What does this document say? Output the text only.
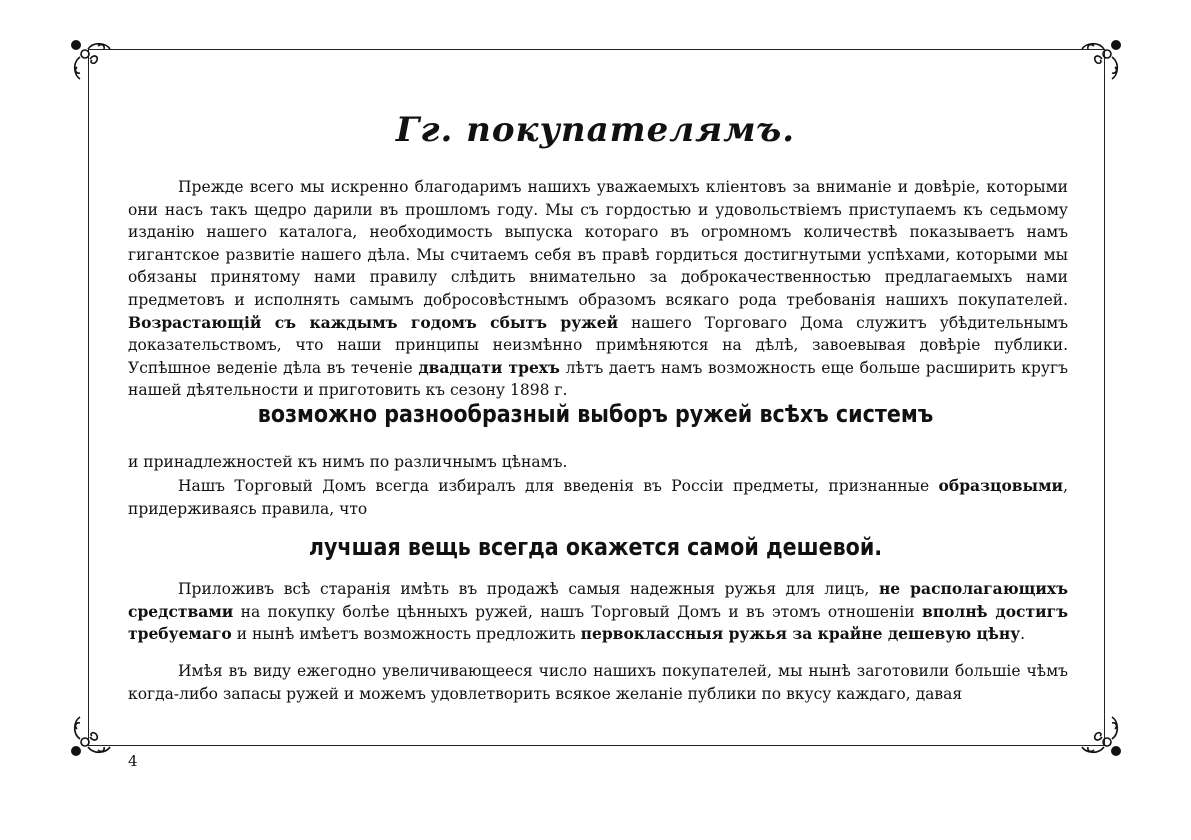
Гг. покупателямъ.
Прежде всего мы искренно благодаримъ нашихъ уважаемыхъ кліентовъ за вниманіе и довѣріе, которыми они насъ такъ щедро дарили въ прошломъ году. Мы съ гордостью и удовольствіемъ приступаемъ къ седьмому изданію нашего каталога, необходимость выпуска котораго въ огромномъ количествѣ показываетъ намъ гигантское развитіе нашего дѣла. Мы считаемъ себя въ правѣ гордиться достигнутыми успѣхами, которыми мы обязаны принятому нами правилу слѣдить внимательно за доброкачественностью предлагаемыхъ нами предметовъ и исполнять самымъ добросовѣстнымъ образомъ всякаго рода требованія нашихъ покупателей. Возрастающій съ каждымъ годомъ сбытъ ружей нашего Торговаго Дома служитъ убѣдительнымъ доказательствомъ, что наши принципы неизмѣнно примѣняются на дѣлѣ, завоевывая довѣріе публики. Успѣшное веденіе дѣла въ теченіе двадцати трехъ лѣтъ даетъ намъ возможность еще больше расширить кругъ нашей дѣятельности и приготовить къ сезону 1898 г.
возможно разнообразный выборъ ружей всѣхъ системъ
и принадлежностей къ нимъ по различнымъ цѣнамъ.
Нашъ Торговый Домъ всегда избиралъ для введенія въ Россіи предметы, признанные образцовыми, придерживаясь правила, что
лучшая вещь всегда окажется самой дешевой.
Приложивъ всѣ старанія имѣть въ продажѣ самыя надежныя ружья для лицъ, не располагающихъ средствами на покупку болѣе цѣнныхъ ружей, нашъ Торговый Домъ и въ этомъ отношеніи вполнѣ достигъ требуемаго и нынѣ имѣетъ возможность предложить первоклассныя ружья за крайне дешевую цѣну.
Имѣя въ виду ежегодно увеличивающееся число нашихъ покупателей, мы нынѣ заготовили большіе чѣмъ когда-либо запасы ружей и можемъ удовлетворить всякое желаніе публики по вкусу каждаго, давая
4
